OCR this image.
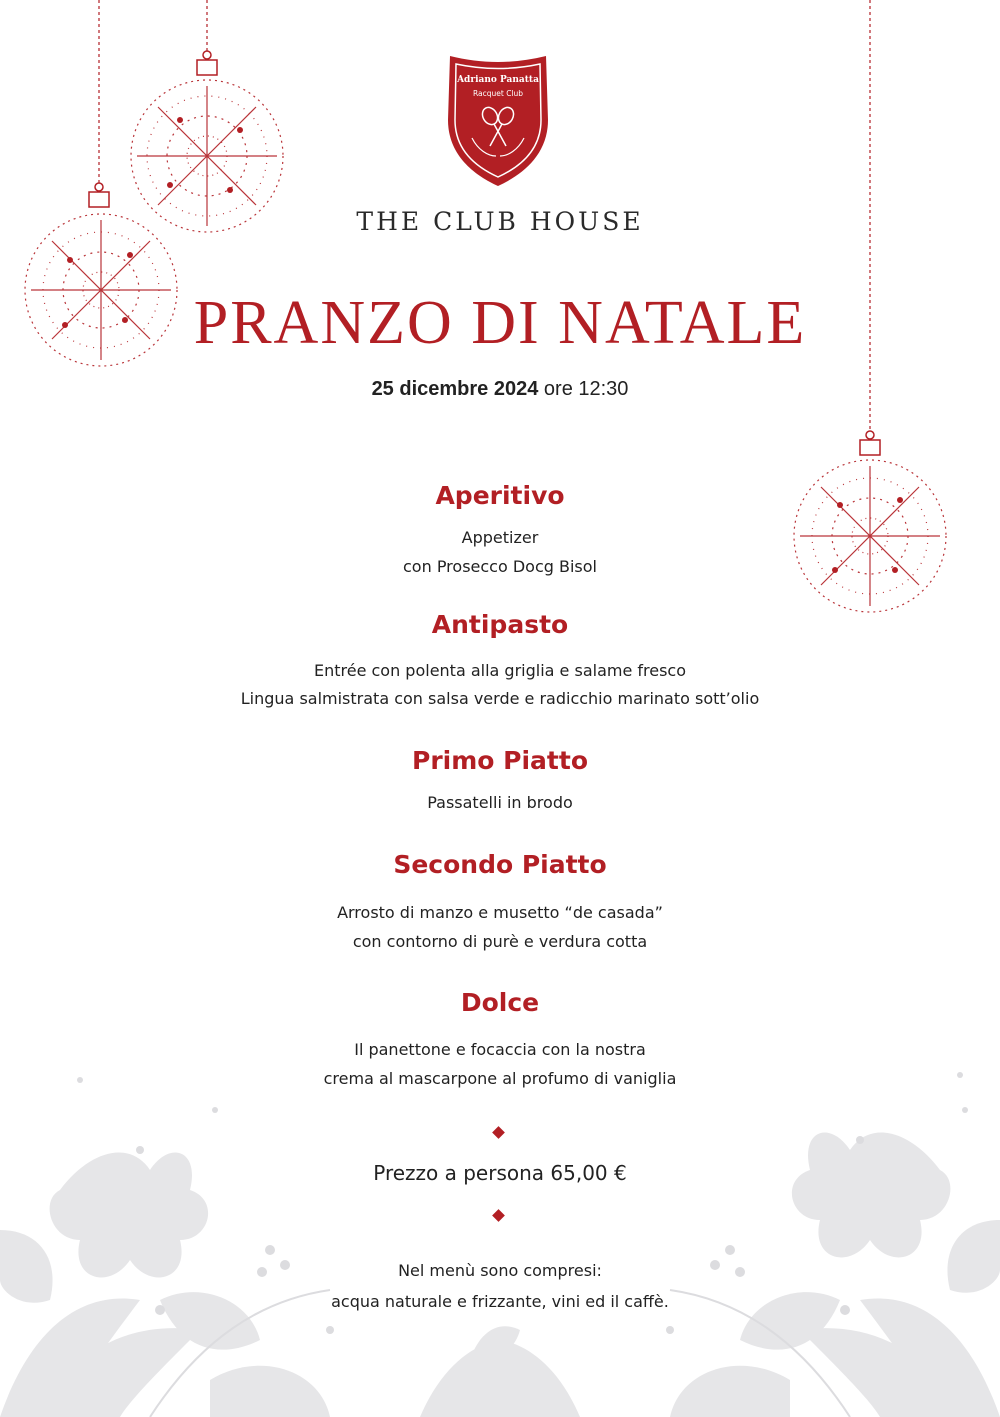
Adriano Panatta
Racquet Club
THE CLUB HOUSE
PRANZO DI NATALE
25 dicembre 2024 ore 12:30
Aperitivo
Appetizer
con Prosecco Docg Bisol
Antipasto
Entrée con polenta alla griglia e salame fresco
Lingua salmistrata con salsa verde e radicchio marinato sott’olio
Primo Piatto
Passatelli in brodo
Secondo Piatto
Arrosto di manzo e musetto “de casada”
con contorno di purè e verdura cotta
Dolce
Il panettone e focaccia con la nostra
crema al mascarpone al profumo di vaniglia
Prezzo a persona 65,00 €
Nel menù sono compresi:
acqua naturale e frizzante, vini ed il caffè.
